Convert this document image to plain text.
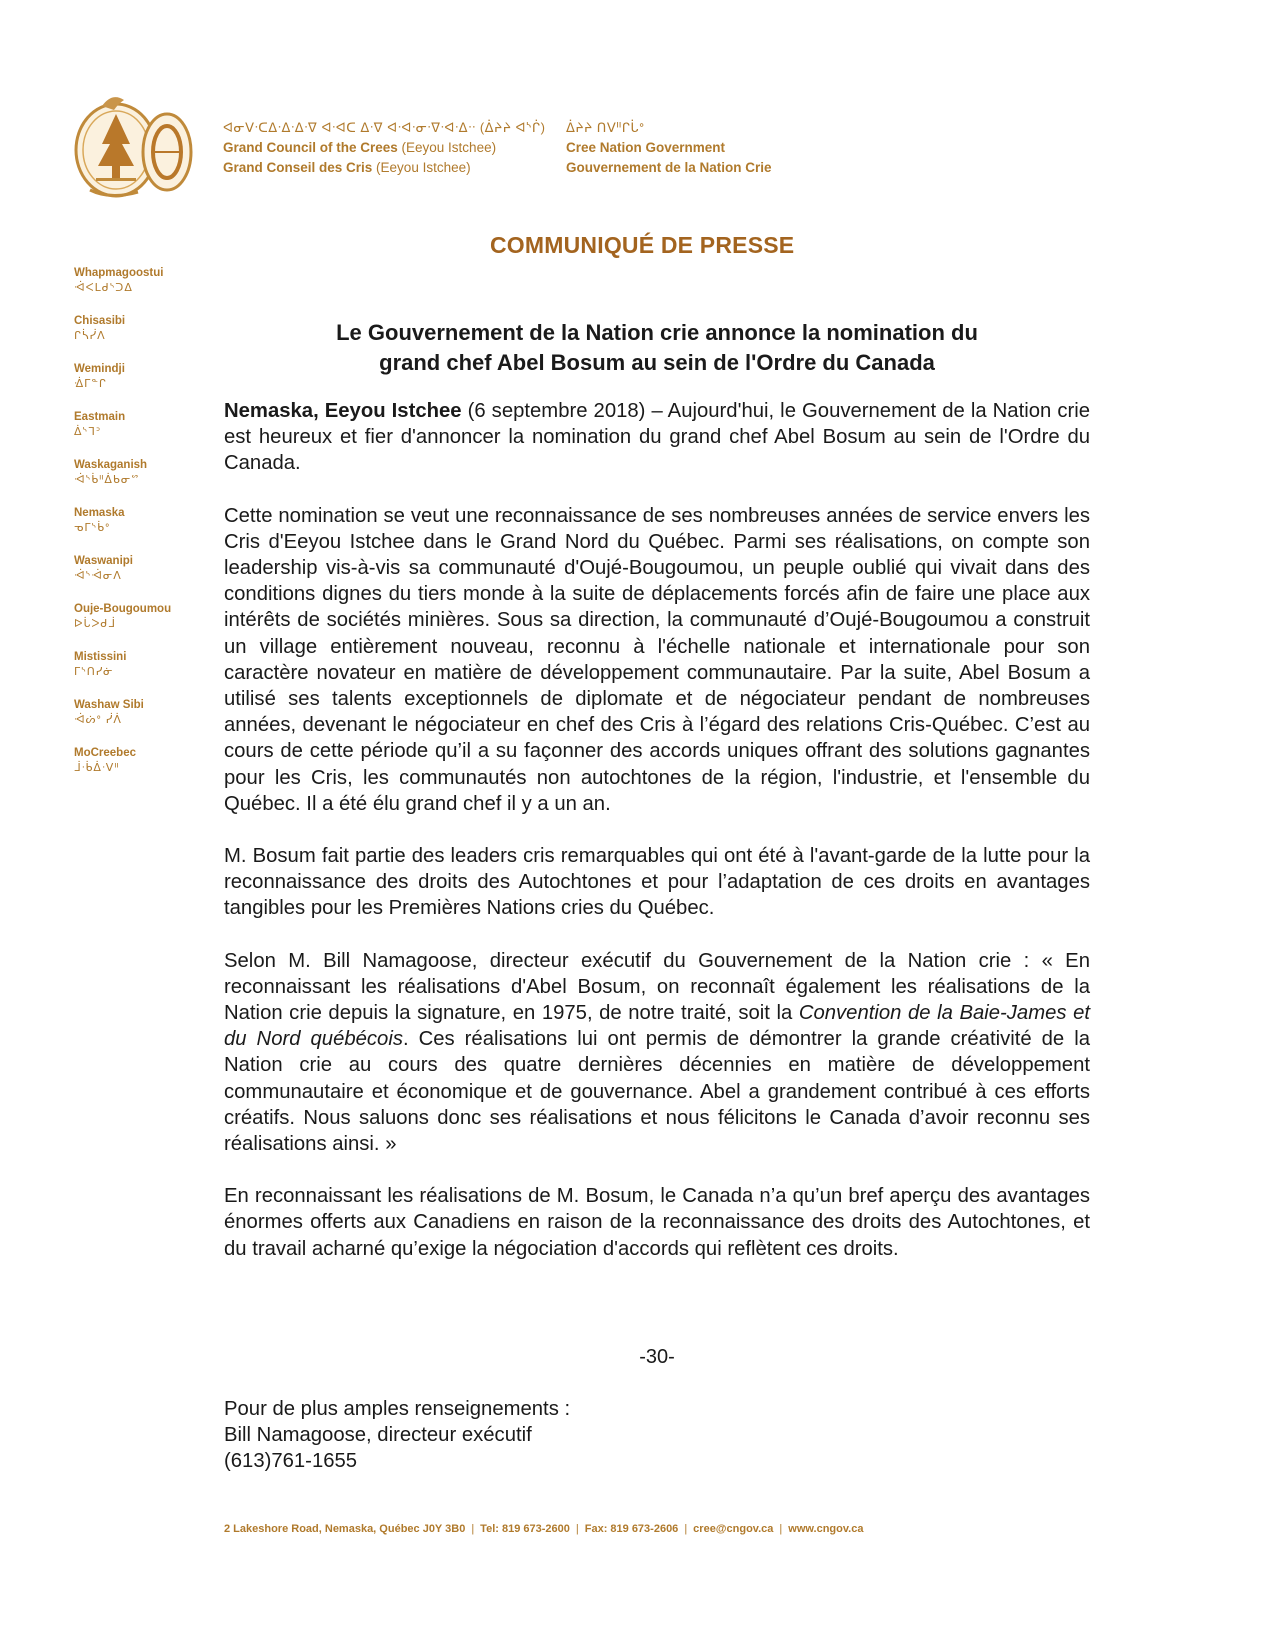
ᐊᓂᐯᐧᑕᐃᐧᐃᐧᐃᐧᐁ ᐊᐧᐊᑕ ᐃᐧᐁ ᐊᐧᐊᐧᓂᐧᐁᐧᐊᐧᐃᐧᐧ (ᐄᔨᔨ ᐊᔅᒌ)
Grand Council of the Crees (Eeyou Istchee)
Grand Conseil des Cris (Eeyou Istchee)
ᐄᔨᔨ ᑎᐯᐦᒋᒑᐤ
Cree Nation Government
Gouvernement de la Nation Crie
COMMUNIQUÉ DE PRESSE
Whapmagoostui
ᐙᐸᒪᑯᔅᑐᐃ
Chisasibi
ᒋᓵᓰᐱ
Wemindji
ᐐᒥᓐᒋ
Eastmain
ᐄᔅᒣᐣ
Waskaganish
ᐙᔅᑳᐦᐄᑲᓂᔥ
Nemaska
ᓀᒥᔅᑳᐤ
Waswanipi
ᐙᔅᐙᓂᐱ
Ouje-Bougoumou
ᐅᒑᐳᑯᒨ
Mistissini
ᒥᔅᑎᓯᓃ
Washaw Sibi
ᐙᔖᐤ ᓰᐲ
MoCreebec
ᒨᐧᑳᐄᐧᐯᐦ
Le Gouvernement de la Nation crie annonce la nomination du
grand chef Abel Bosum au sein de l'Ordre du Canada

Nemaska, Eeyou Istchee (6 septembre 2018) – Aujourd'hui, le Gouvernement de la Nation crie est heureux et fier d'annoncer la nomination du grand chef Abel Bosum au sein de l'Ordre du Canada.

Cette nomination se veut une reconnaissance de ses nombreuses années de service envers les Cris d'Eeyou Istchee dans le Grand Nord du Québec. Parmi ses réalisations, on compte son leadership vis-à-vis sa communauté d'Oujé-Bougoumou, un peuple oublié qui vivait dans des conditions dignes du tiers monde à la suite de déplacements forcés afin de faire une place aux intérêts de sociétés minières. Sous sa direction, la communauté d’Oujé-Bougoumou a construit un village entièrement nouveau, reconnu à l'échelle nationale et internationale pour son caractère novateur en matière de développement communautaire. Par la suite, Abel Bosum a utilisé ses talents exceptionnels de diplomate et de négociateur pendant de nombreuses années, devenant le négociateur en chef des Cris à l’égard des relations Cris-Québec. C’est au cours de cette période qu’il a su façonner des accords uniques offrant des solutions gagnantes pour les Cris, les communautés non autochtones de la région, l'industrie, et l'ensemble du Québec. Il a été élu grand chef il y a un an.

M. Bosum fait partie des leaders cris remarquables qui ont été à l'avant-garde de la lutte pour la reconnaissance des droits des Autochtones et pour l’adaptation de ces droits en avantages tangibles pour les Premières Nations cries du Québec.

Selon M. Bill Namagoose, directeur exécutif du Gouvernement de la Nation crie : « En reconnaissant les réalisations d'Abel Bosum, on reconnaît également les réalisations de la Nation crie depuis la signature, en 1975, de notre traité, soit la Convention de la Baie-James et du Nord québécois. Ces réalisations lui ont permis de démontrer la grande créativité de la Nation crie au cours des quatre dernières décennies en matière de développement communautaire et économique et de gouvernance. Abel a grandement contribué à ces efforts créatifs. Nous saluons donc ses réalisations et nous félicitons le Canada d’avoir reconnu ses réalisations ainsi. »

En reconnaissant les réalisations de M. Bosum, le Canada n’a qu’un bref aperçu des avantages énormes offerts aux Canadiens en raison de la reconnaissance des droits des Autochtones, et du travail acharné qu’exige la négociation d'accords qui reflètent ces droits.

-30-
Pour de plus amples renseignements :
Bill Namagoose, directeur exécutif
(613)761-1655
2 Lakeshore Road, Nemaska, Québec J0Y 3B0 | Tel: 819 673-2600 | Fax: 819 673-2606 | cree@cngov.ca | www.cngov.ca
